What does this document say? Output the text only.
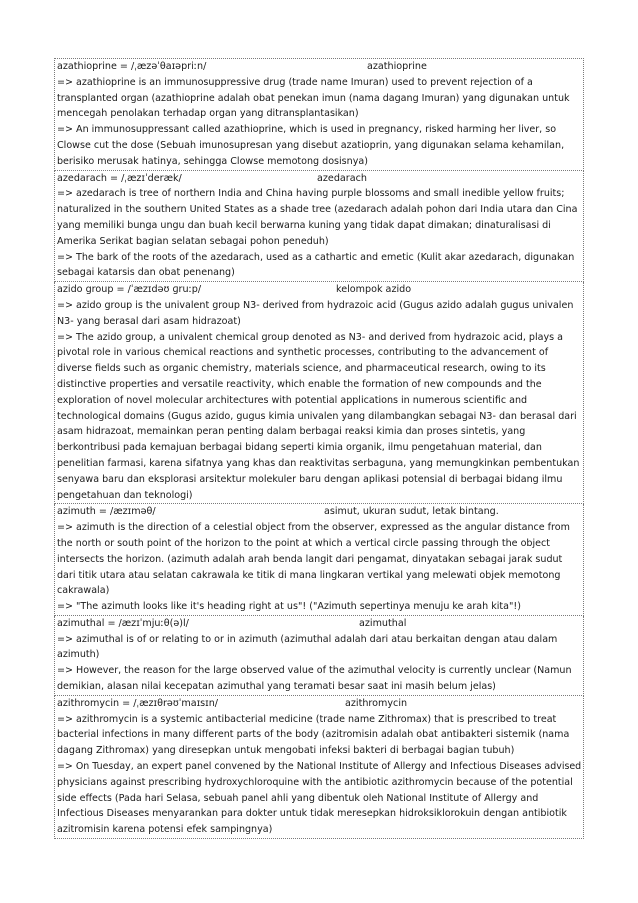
azathioprine = /ˌæzəˈθaɪəpriːn/	azathioprine
=> azathioprine is an immunosuppressive drug (trade name Imuran) used to prevent rejection of a
transplanted organ (azathioprine adalah obat penekan imun (nama dagang Imuran) yang digunakan untuk
mencegah penolakan terhadap organ yang ditransplantasikan)
=> An immunosuppressant called azathioprine, which is used in pregnancy, risked harming her liver, so
Clowse cut the dose (Sebuah imunosupresan yang disebut azatioprin, yang digunakan selama kehamilan,
berisiko merusak hatinya, sehingga Clowse memotong dosisnya)
azedarach = /ˌæzɪˈderæk/	azedarach
=> azedarach is tree of northern India and China having purple blossoms and small inedible yellow fruits;
naturalized in the southern United States as a shade tree (azedarach adalah pohon dari India utara dan Cina
yang memiliki bunga ungu dan buah kecil berwarna kuning yang tidak dapat dimakan; dinaturalisasi di
Amerika Serikat bagian selatan sebagai pohon peneduh)
=> The bark of the roots of the azedarach, used as a cathartic and emetic (Kulit akar azedarach, digunakan
sebagai katarsis dan obat penenang)
azido group = /ˈæzɪdəʊ ɡruːp/	kelompok azido
=> azido group is the univalent group N3- derived from hydrazoic acid (Gugus azido adalah gugus univalen
N3- yang berasal dari asam hidrazoat)
=> The azido group, a univalent chemical group denoted as N3- and derived from hydrazoic acid, plays a
pivotal role in various chemical reactions and synthetic processes, contributing to the advancement of
diverse fields such as organic chemistry, materials science, and pharmaceutical research, owing to its
distinctive properties and versatile reactivity, which enable the formation of new compounds and the
exploration of novel molecular architectures with potential applications in numerous scientific and
technological domains (Gugus azido, gugus kimia univalen yang dilambangkan sebagai N3- dan berasal dari
asam hidrazoat, memainkan peran penting dalam berbagai reaksi kimia dan proses sintetis, yang
berkontribusi pada kemajuan berbagai bidang seperti kimia organik, ilmu pengetahuan material, dan
penelitian farmasi, karena sifatnya yang khas dan reaktivitas serbaguna, yang memungkinkan pembentukan
senyawa baru dan eksplorasi arsitektur molekuler baru dengan aplikasi potensial di berbagai bidang ilmu
pengetahuan dan teknologi)
azimuth = /æzɪməθ/	asimut, ukuran sudut, letak bintang.
=> azimuth is the direction of a celestial object from the observer, expressed as the angular distance from
the north or south point of the horizon to the point at which a vertical circle passing through the object
intersects the horizon. (azimuth adalah arah benda langit dari pengamat, dinyatakan sebagai jarak sudut
dari titik utara atau selatan cakrawala ke titik di mana lingkaran vertikal yang melewati objek memotong
cakrawala)
=> "The azimuth looks like it's heading right at us"! ("Azimuth sepertinya menuju ke arah kita"!)
azimuthal = /æzɪˈmjuːθ(ə)l/	azimuthal
=> azimuthal is of or relating to or in azimuth (azimuthal adalah dari atau berkaitan dengan atau dalam
azimuth)
=> However, the reason for the large observed value of the azimuthal velocity is currently unclear (Namun
demikian, alasan nilai kecepatan azimuthal yang teramati besar saat ini masih belum jelas)
azithromycin = /ˌæzɪθrəʊˈmaɪsɪn/	azithromycin
=> azithromycin is a systemic antibacterial medicine (trade name Zithromax) that is prescribed to treat
bacterial infections in many different parts of the body (azitromisin adalah obat antibakteri sistemik (nama
dagang Zithromax) yang diresepkan untuk mengobati infeksi bakteri di berbagai bagian tubuh)
=> On Tuesday, an expert panel convened by the National Institute of Allergy and Infectious Diseases advised
physicians against prescribing hydroxychloroquine with the antibiotic azithromycin because of the potential
side effects (Pada hari Selasa, sebuah panel ahli yang dibentuk oleh National Institute of Allergy and
Infectious Diseases menyarankan para dokter untuk tidak meresepkan hidroksiklorokuin dengan antibiotik
azitromisin karena potensi efek sampingnya)
